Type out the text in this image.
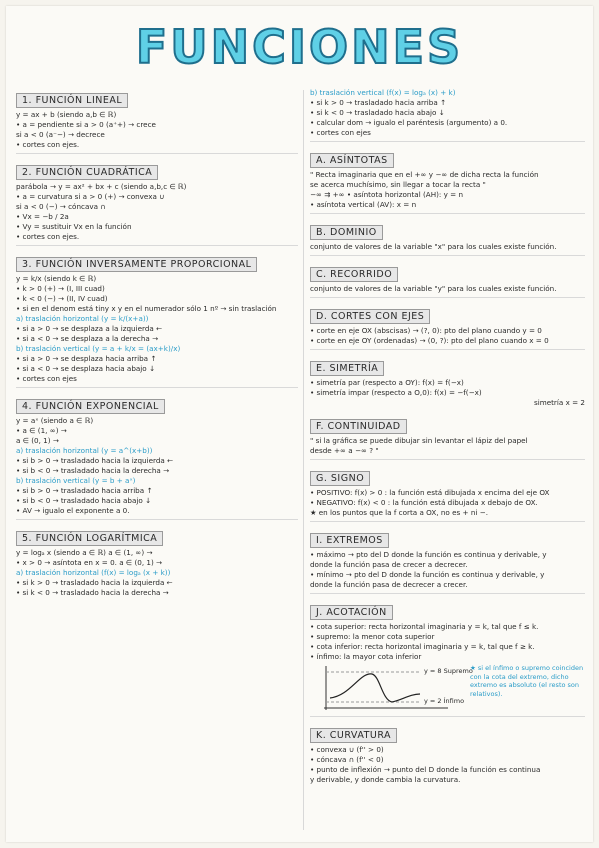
FUNCIONES
1. FUNCIÓN LINEAL
y = ax + b (siendo a,b ∈ ℝ)
• a = pendiente si a > 0 (a⁺+) → crece
si a < 0 (a⁻−) → decrece
• cortes con ejes.
2. FUNCIÓN CUADRÁTICA
parábola → y = ax² + bx + c (siendo a,b,c ∈ ℝ)
• a = curvatura si a > 0 (+) → convexa ∪
si a < 0 (−) → cóncava ∩
• Vx = −b / 2a
• Vy = sustituir Vx en la función
• cortes con ejes.
3. FUNCIÓN INVERSAMENTE PROPORCIONAL
y = k/x (siendo k ∈ ℝ)
• k > 0 (+) → (I, III cuad)
• k < 0 (−) → (II, IV cuad)
• si en el denom está tiny x y en el numerador sólo 1 nº → sin traslación
a) traslación horizontal (y = k/(x+a))
• si a > 0 → se desplaza a la izquierda ←
• si a < 0 → se desplaza a la derecha →
b) traslación vertical (y = a + k/x = (ax+k)/x)
• si a > 0 → se desplaza hacia arriba ↑
• si a < 0 → se desplaza hacia abajo ↓
• cortes con ejes
4. FUNCIÓN EXPONENCIAL
y = aˣ (siendo a ∈ ℝ)
• a ∈ (1, ∞) →
a ∈ (0, 1) →
a) traslación horizontal (y = a^(x+b))
• si b > 0 → trasladado hacia la izquierda ←
• si b < 0 → trasladado hacia la derecha →
b) traslación vertical (y = b + aˣ)
• si b > 0 → trasladado hacia arriba ↑
• si b < 0 → trasladado hacia abajo ↓
• AV → igualo el exponente a 0.
5. FUNCIÓN LOGARÍTMICA
y = logₐ x (siendo a ∈ ℝ) a ∈ (1, ∞) →
• x > 0 → asíntota en x = 0. a ∈ (0, 1) →
a) traslación horizontal (f(x) = logₐ (x + k))
• si k > 0 → trasladado hacia la izquierda ←
• si k < 0 → trasladado hacia la derecha →
b) traslación vertical (f(x) = logₐ (x) + k)
• si k > 0 → trasladado hacia arriba ↑
• si k < 0 → trasladado hacia abajo ↓
• calcular dom → igualo el paréntesis (argumento) a 0.
• cortes con ejes
A. ASÍNTOTAS
" Recta imaginaria que en el +∞ y −∞ de dicha recta la función
se acerca muchísimo, sin llegar a tocar la recta "
−∞ ⇉ +∞ • asíntota horizontal (AH): y = n
• asíntota vertical (AV): x = n
B. DOMINIO
conjunto de valores de la variable "x" para los cuales existe función.
C. RECORRIDO
conjunto de valores de la variable "y" para los cuales existe función.
D. CORTES CON EJES
• corte en eje OX (abscisas) → (?, 0): pto del plano cuando y = 0
• corte en eje OY (ordenadas) → (0, ?): pto del plano cuando x = 0
E. SIMETRÍA
• simetría par (respecto a OY): f(x) = f(−x)
• simetría impar (respecto a O,0): f(x) = −f(−x)
simetría x = 2
F. CONTINUIDAD
" si la gráfica se puede dibujar sin levantar el lápiz del papel
desde +∞ a −∞ ? "
G. SIGNO
• POSITIVO: f(x) > 0 : la función está dibujada x encima del eje OX
• NEGATIVO: f(x) < 0 : la función está dibujada x debajo de OX.
★ en los puntos que la f corta a OX, no es + ni −.
I. EXTREMOS
• máximo → pto del D donde la función es continua y derivable, y
donde la función pasa de crecer a decrecer.
• mínimo → pto del D donde la función es continua y derivable, y
donde la función pasa de decrecer a crecer.
J. ACOTACIÓN
• cota superior: recta horizontal imaginaria y = k, tal que f ≤ k.
• supremo: la menor cota superior
• cota inferior: recta horizontal imaginaria y = k, tal que f ≥ k.
• ínfimo: la mayor cota inferior
y = 8 Supremo
y = 2 Ínfimo
★ si el ínfimo o supremo coinciden con la cota del extremo, dicho extremo es absoluto (el resto son relativos).
K. CURVATURA
• convexa ∪ (f'' > 0)
• cóncava ∩ (f'' < 0)
• punto de inflexión → punto del D donde la función es continua
y derivable, y donde cambia la curvatura.
